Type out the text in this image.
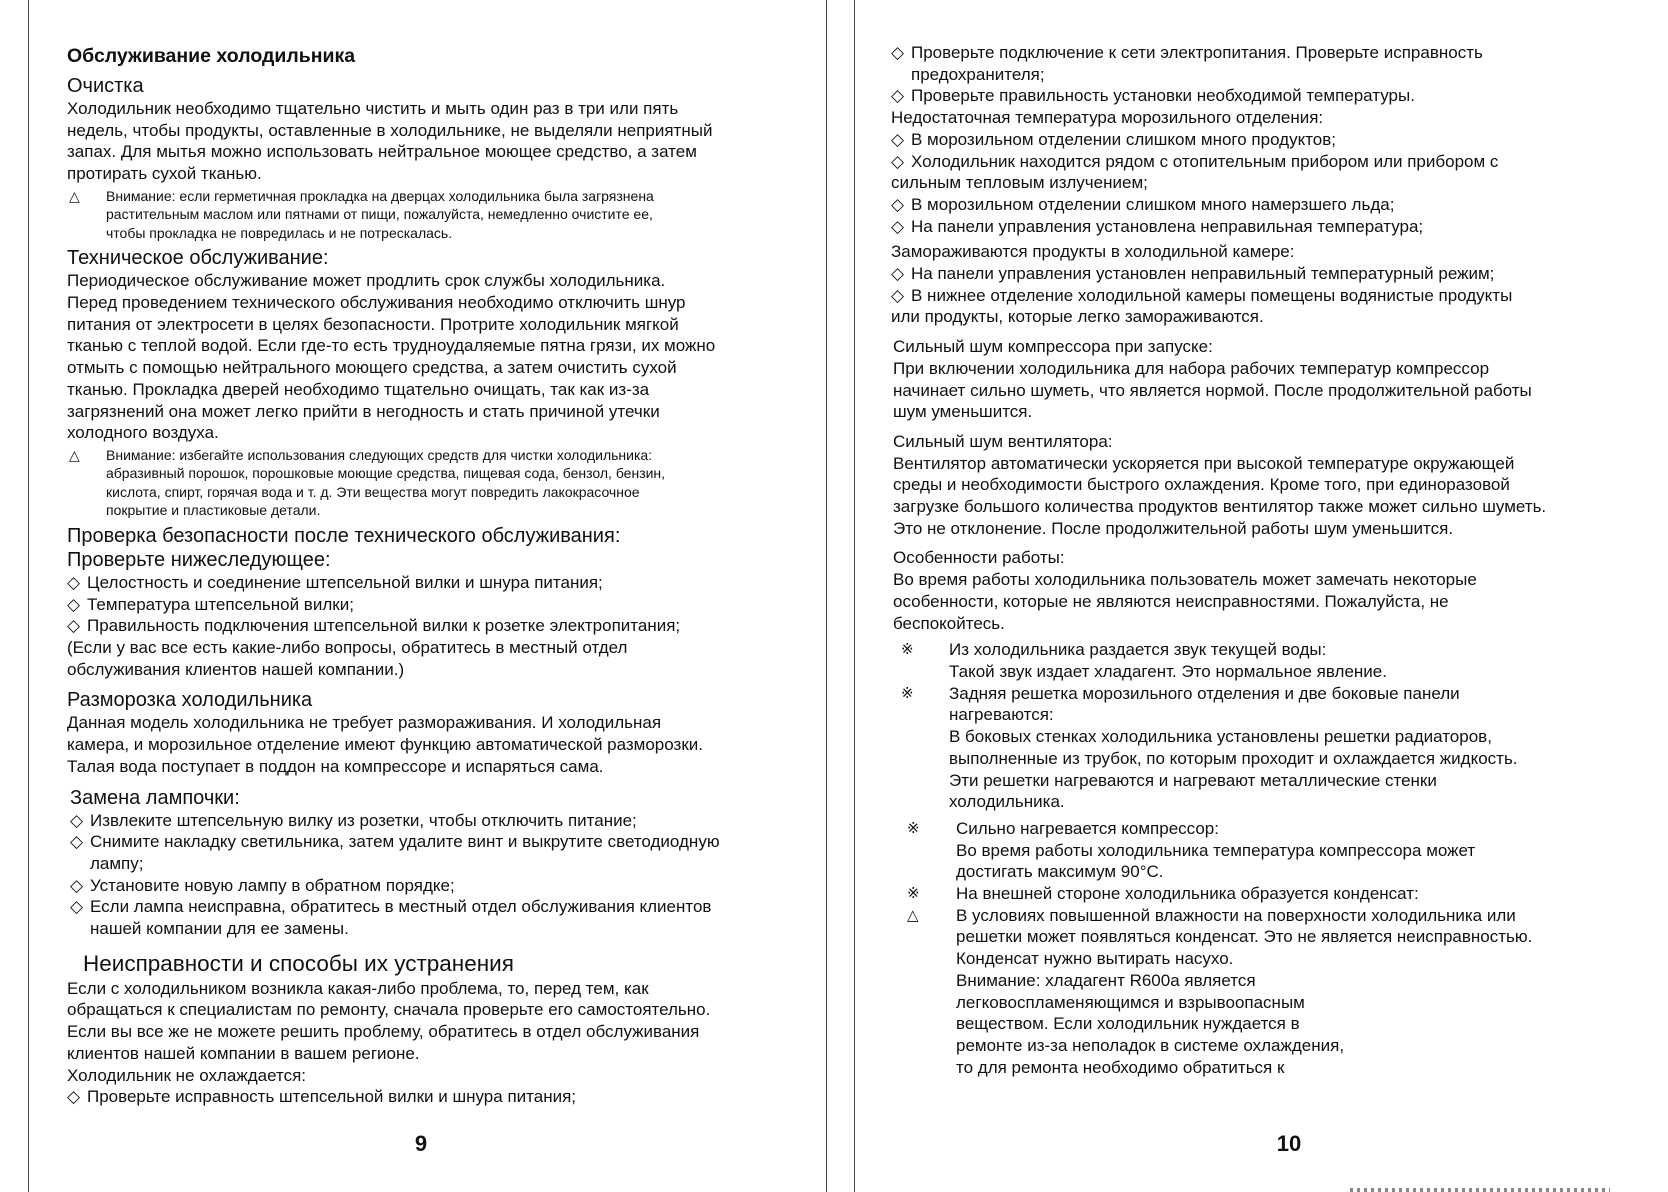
Обслуживание холодильника
Очистка
Холодильник необходимо тщательно чистить и мыть один раз в три или пять
недель, чтобы продукты, оставленные в холодильнике, не выделяли неприятный
запах. Для мытья можно использовать нейтральное моющее средство, а затем
протирать сухой тканью.
△	Внимание: если герметичная прокладка на дверцах холодильника была загрязнена
растительным маслом или пятнами от пищи, пожалуйста, немедленно очистите ее,
чтобы прокладка не повредилась и не потрескалась.
Техническое обслуживание:
Периодическое обслуживание может продлить срок службы холодильника.
Перед проведением технического обслуживания необходимо отключить шнур
питания от электросети в целях безопасности. Протрите холодильник мягкой
тканью с теплой водой. Если где-то есть трудноудаляемые пятна грязи, их можно
отмыть с помощью нейтрального моющего средства, а затем очистить сухой
тканью. Прокладка дверей необходимо тщательно очищать, так как из-за
загрязнений она может легко прийти в негодность и стать причиной утечки
холодного воздуха.
△	Внимание: избегайте использования следующих средств для чистки холодильника:
абразивный порошок, порошковые моющие средства, пищевая сода, бензол, бензин,
кислота, спирт, горячая вода и т. д. Эти вещества могут повредить лакокрасочное
покрытие и пластиковые детали.
Проверка безопасности после технического обслуживания:
Проверьте нижеследующее:
◇ Целостность и соединение штепсельной вилки и шнура питания;
◇ Температура штепсельной вилки;
◇ Правильность подключения штепсельной вилки к розетке электропитания;
(Если у вас все есть какие-либо вопросы, обратитесь в местный отдел
обслуживания клиентов нашей компании.)
Разморозка холодильника
Данная модель холодильника не требует размораживания. И холодильная
камера, и морозильное отделение имеют функцию автоматической разморозки.
Талая вода поступает в поддон на компрессоре и испаряться сама.
Замена лампочки:
◇ Извлеките штепсельную вилку из розетки, чтобы отключить питание;
◇ Снимите накладку светильника, затем удалите винт и выкрутите светодиодную
лампу;
◇ Установите новую лампу в обратном порядке;
◇ Если лампа неисправна, обратитесь в местный отдел обслуживания клиентов
нашей компании для ее замены.
Неисправности и способы их устранения
Если с холодильником возникла какая-либо проблема, то, перед тем, как
обращаться к специалистам по ремонту, сначала проверьте его самостоятельно.
Если вы все же не можете решить проблему, обратитесь в отдел обслуживания
клиентов нашей компании в вашем регионе.
Холодильник не охлаждается:
◇ Проверьте исправность штепсельной вилки и шнура питания;
9
◇ Проверьте подключение к сети электропитания. Проверьте исправность
предохранителя;
◇ Проверьте правильность установки необходимой температуры.
Недостаточная температура морозильного отделения:
◇ В морозильном отделении слишком много продуктов;
◇ Холодильник находится рядом с отопительным прибором или прибором с
сильным тепловым излучением;
◇ В морозильном отделении слишком много намерзшего льда;
◇ На панели управления установлена неправильная температура;
Замораживаются продукты в холодильной камере:
◇ На панели управления установлен неправильный температурный режим;
◇ В нижнее отделение холодильной камеры помещены водянистые продукты
или продукты, которые легко замораживаются.
Сильный шум компрессора при запуске:
При включении холодильника для набора рабочих температур компрессор
начинает сильно шуметь, что является нормой. После продолжительной работы
шум уменьшится.
Сильный шум вентилятора:
Вентилятор автоматически ускоряется при высокой температуре окружающей
среды и необходимости быстрого охлаждения. Кроме того, при единоразовой
загрузке большого количества продуктов вентилятор также может сильно шуметь.
Это не отклонение. После продолжительной работы шум уменьшится.
Особенности работы:
Во время работы холодильника пользователь может замечать некоторые
особенности, которые не являются неисправностями. Пожалуйста, не
беспокойтесь.
※	Из холодильника раздается звук текущей воды:
Такой звук издает хладагент. Это нормальное явление.
※	Задняя решетка морозильного отделения и две боковые панели
нагреваются:
В боковых стенках холодильника установлены решетки радиаторов,
выполненные из трубок, по которым проходит и охлаждается жидкость.
Эти решетки нагреваются и нагревают металлические стенки
холодильника.
※	Сильно нагревается компрессор:
Во время работы холодильника температура компрессора может
достигать максимум 90°C.
※	На внешней стороне холодильника образуется конденсат:
△	В условиях повышенной влажности на поверхности холодильника или
решетки может появляться конденсат. Это не является неисправностью.
Конденсат нужно вытирать насухо.
Внимание: хладагент R600a является
легковоспламеняющимся и взрывоопасным
веществом. Если холодильник нуждается в
ремонте из-за неполадок в системе охлаждения,
то для ремонта необходимо обратиться к
10
